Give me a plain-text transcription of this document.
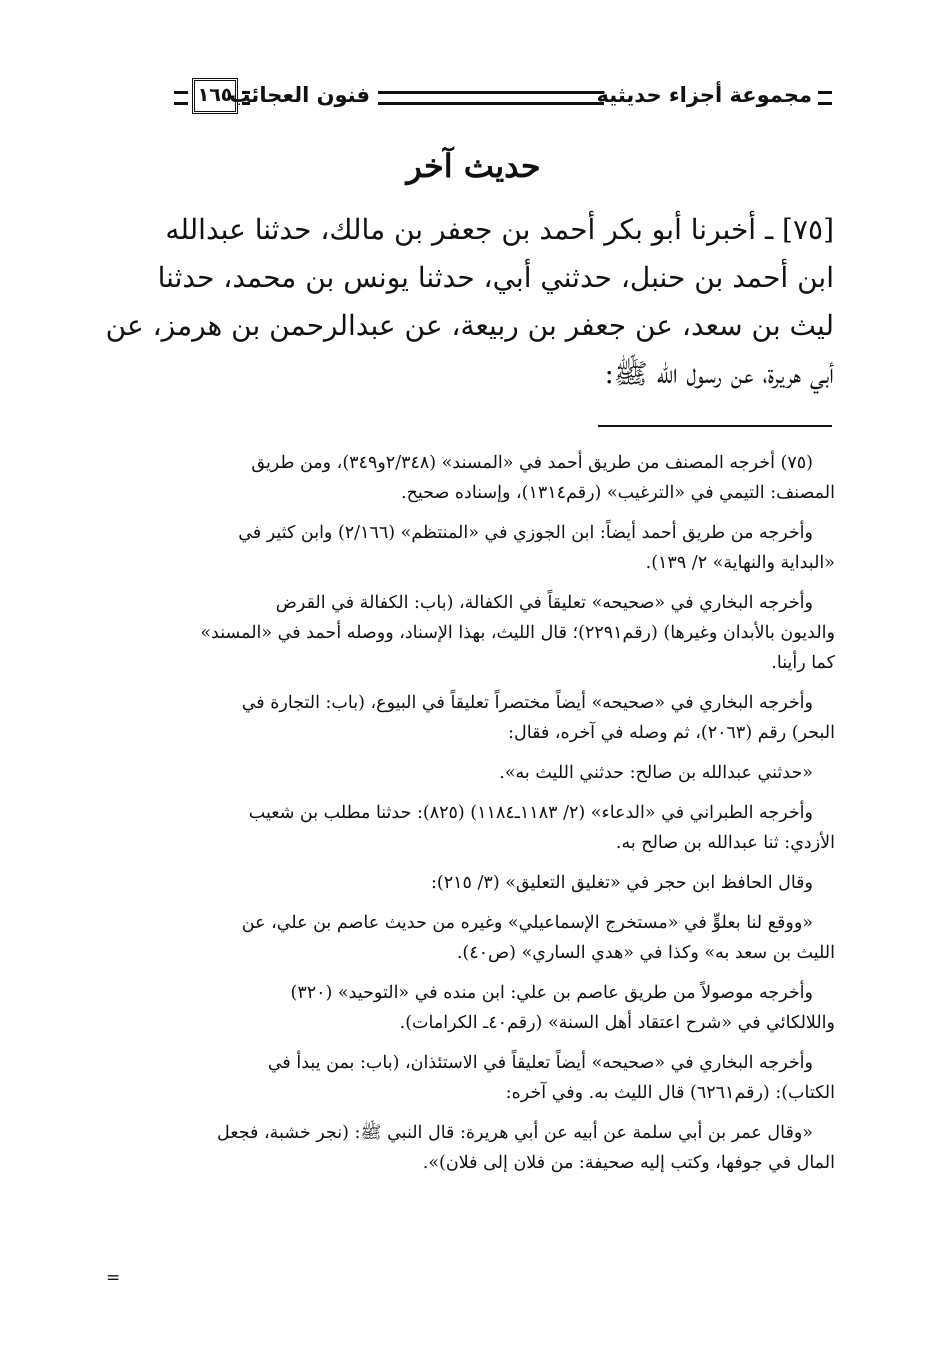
مجموعة أجزاء حديثية
فنون العجائب
١٦٥
حديث آخر
[٧٥] ـ أخبرنا أبو بكر أحمد بن جعفر بن مالك، حدثنا عبدالله
ابن أحمد بن حنبل، حدثني أبي، حدثنا يونس بن محمد، حدثنا
ليث بن سعد، عن جعفر بن ربيعة، عن عبدالرحمن بن هرمز، عن
أبي هريرة، عن رسول الله ﷺ:
(٧٥) أخرجه المصنف من طريق أحمد في «المسند» (٢/٣٤٨و٣٤٩)، ومن طريق
المصنف: التيمي في «الترغيب» (رقم١٣١٤)، وإسناده صحيح.
وأخرجه من طريق أحمد أيضاً: ابن الجوزي في «المنتظم» (٢/١٦٦) وابن كثير في
«البداية والنهاية» ٢/ ١٣٩).
وأخرجه البخاري في «صحيحه» تعليقاً في الكفالة، (باب: الكفالة في القرض
والديون بالأبدان وغيرها) (رقم٢٢٩١)؛ قال الليث، بهذا الإسناد، ووصله أحمد في «المسند»
كما رأينا.
وأخرجه البخاري في «صحيحه» أيضاً مختصراً تعليقاً في البيوع، (باب: التجارة في
البحر) رقم (٢٠٦٣)، ثم وصله في آخره، فقال:
«حدثني عبدالله بن صالح: حدثني الليث به».
وأخرجه الطبراني في «الدعاء» (٢/ ١١٨٣ـ١١٨٤) (٨٢٥): حدثنا مطلب بن شعيب
الأزدي: ثنا عبدالله بن صالح به.
وقال الحافظ ابن حجر في «تغليق التعليق» (٣/ ٢١٥):
«ووقع لنا بعلوٍّ في «مستخرج الإسماعيلي» وغيره من حديث عاصم بن علي، عن
الليث بن سعد به» وكذا في «هدي الساري» (ص٤٠).
وأخرجه موصولاً من طريق عاصم بن علي: ابن منده في «التوحيد» (٣٢٠)
واللالكائي في «شرح اعتقاد أهل السنة» (رقم٤٠ـ الكرامات).
وأخرجه البخاري في «صحيحه» أيضاً تعليقاً في الاستئذان، (باب: بمن يبدأ في
الكتاب): (رقم٦٢٦١) قال الليث به. وفي آخره:
«وقال عمر بن أبي سلمة عن أبيه عن أبي هريرة: قال النبي ﷺ: (نجر خشبة، فجعل
المال في جوفها، وكتب إليه صحيفة: من فلان إلى فلان)».
=
